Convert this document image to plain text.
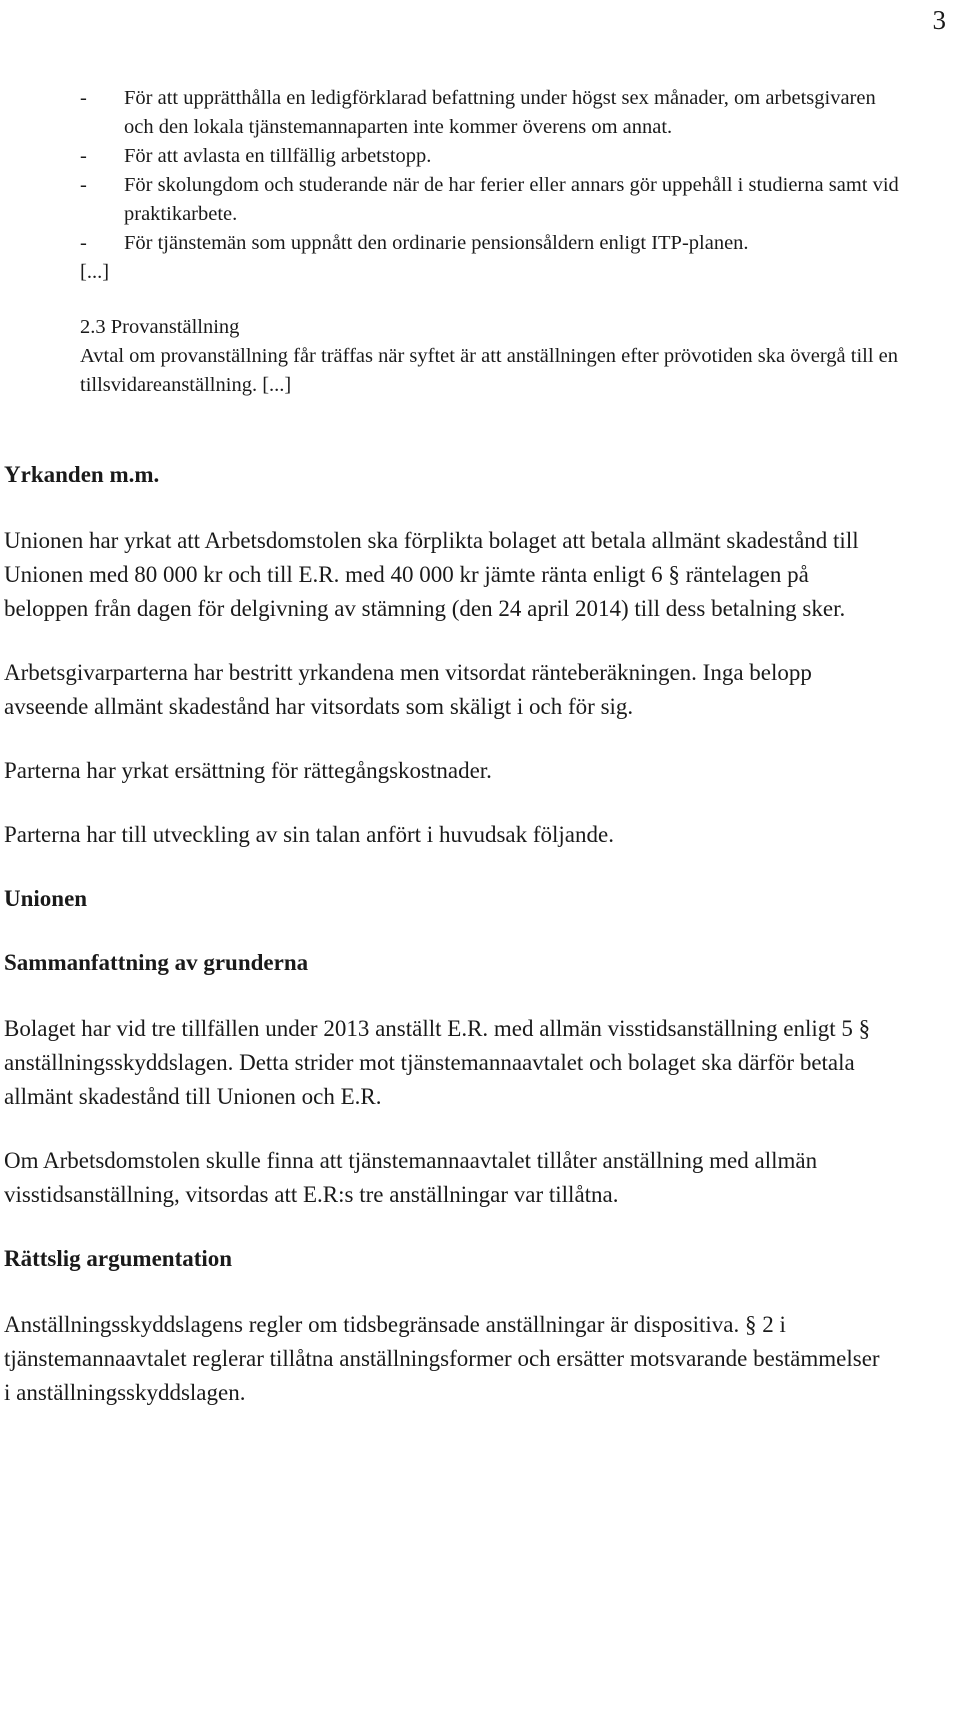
3
-	För att upprätthålla en ledigförklarad befattning under högst sex månader, om arbetsgivaren och den lokala tjänstemannaparten inte kommer överens om annat.
-	För att avlasta en tillfällig arbetstopp.
-	För skolungdom och studerande när de har ferier eller annars gör uppehåll i studierna samt vid praktikarbete.
-	För tjänstemän som uppnått den ordinarie pensionsåldern enligt ITP-planen.

[...]

2.3 Provanställning

Avtal om provanställning får träffas när syftet är att anställningen efter prövotiden ska övergå till en tillsvidareanställning. [...]

Yrkanden m.m.

Unionen har yrkat att Arbetsdomstolen ska förplikta bolaget att betala allmänt skadestånd till Unionen med 80 000 kr och till E.R. med 40 000 kr jämte ränta enligt 6 § räntelagen på beloppen från dagen för delgivning av stämning (den 24 april 2014) till dess betalning sker.

Arbetsgivarparterna har bestritt yrkandena men vitsordat ränteberäkningen. Inga belopp avseende allmänt skadestånd har vitsordats som skäligt i och för sig.

Parterna har yrkat ersättning för rättegångskostnader.

Parterna har till utveckling av sin talan anfört i huvudsak följande.

Unionen
Sammanfattning av grunderna

Bolaget har vid tre tillfällen under 2013 anställt E.R. med allmän visstidsanställning enligt 5 § anställningsskyddslagen. Detta strider mot tjänstemannaavtalet och bolaget ska därför betala allmänt skadestånd till Unionen och E.R.

Om Arbetsdomstolen skulle finna att tjänstemannaavtalet tillåter anställning med allmän visstidsanställning, vitsordas att E.R:s tre anställningar var tillåtna.

Rättslig argumentation

Anställningsskyddslagens regler om tidsbegränsade anställningar är dispositiva. § 2 i tjänstemannaavtalet reglerar tillåtna anställningsformer och ersätter motsvarande bestämmelser i anställningsskyddslagen.
